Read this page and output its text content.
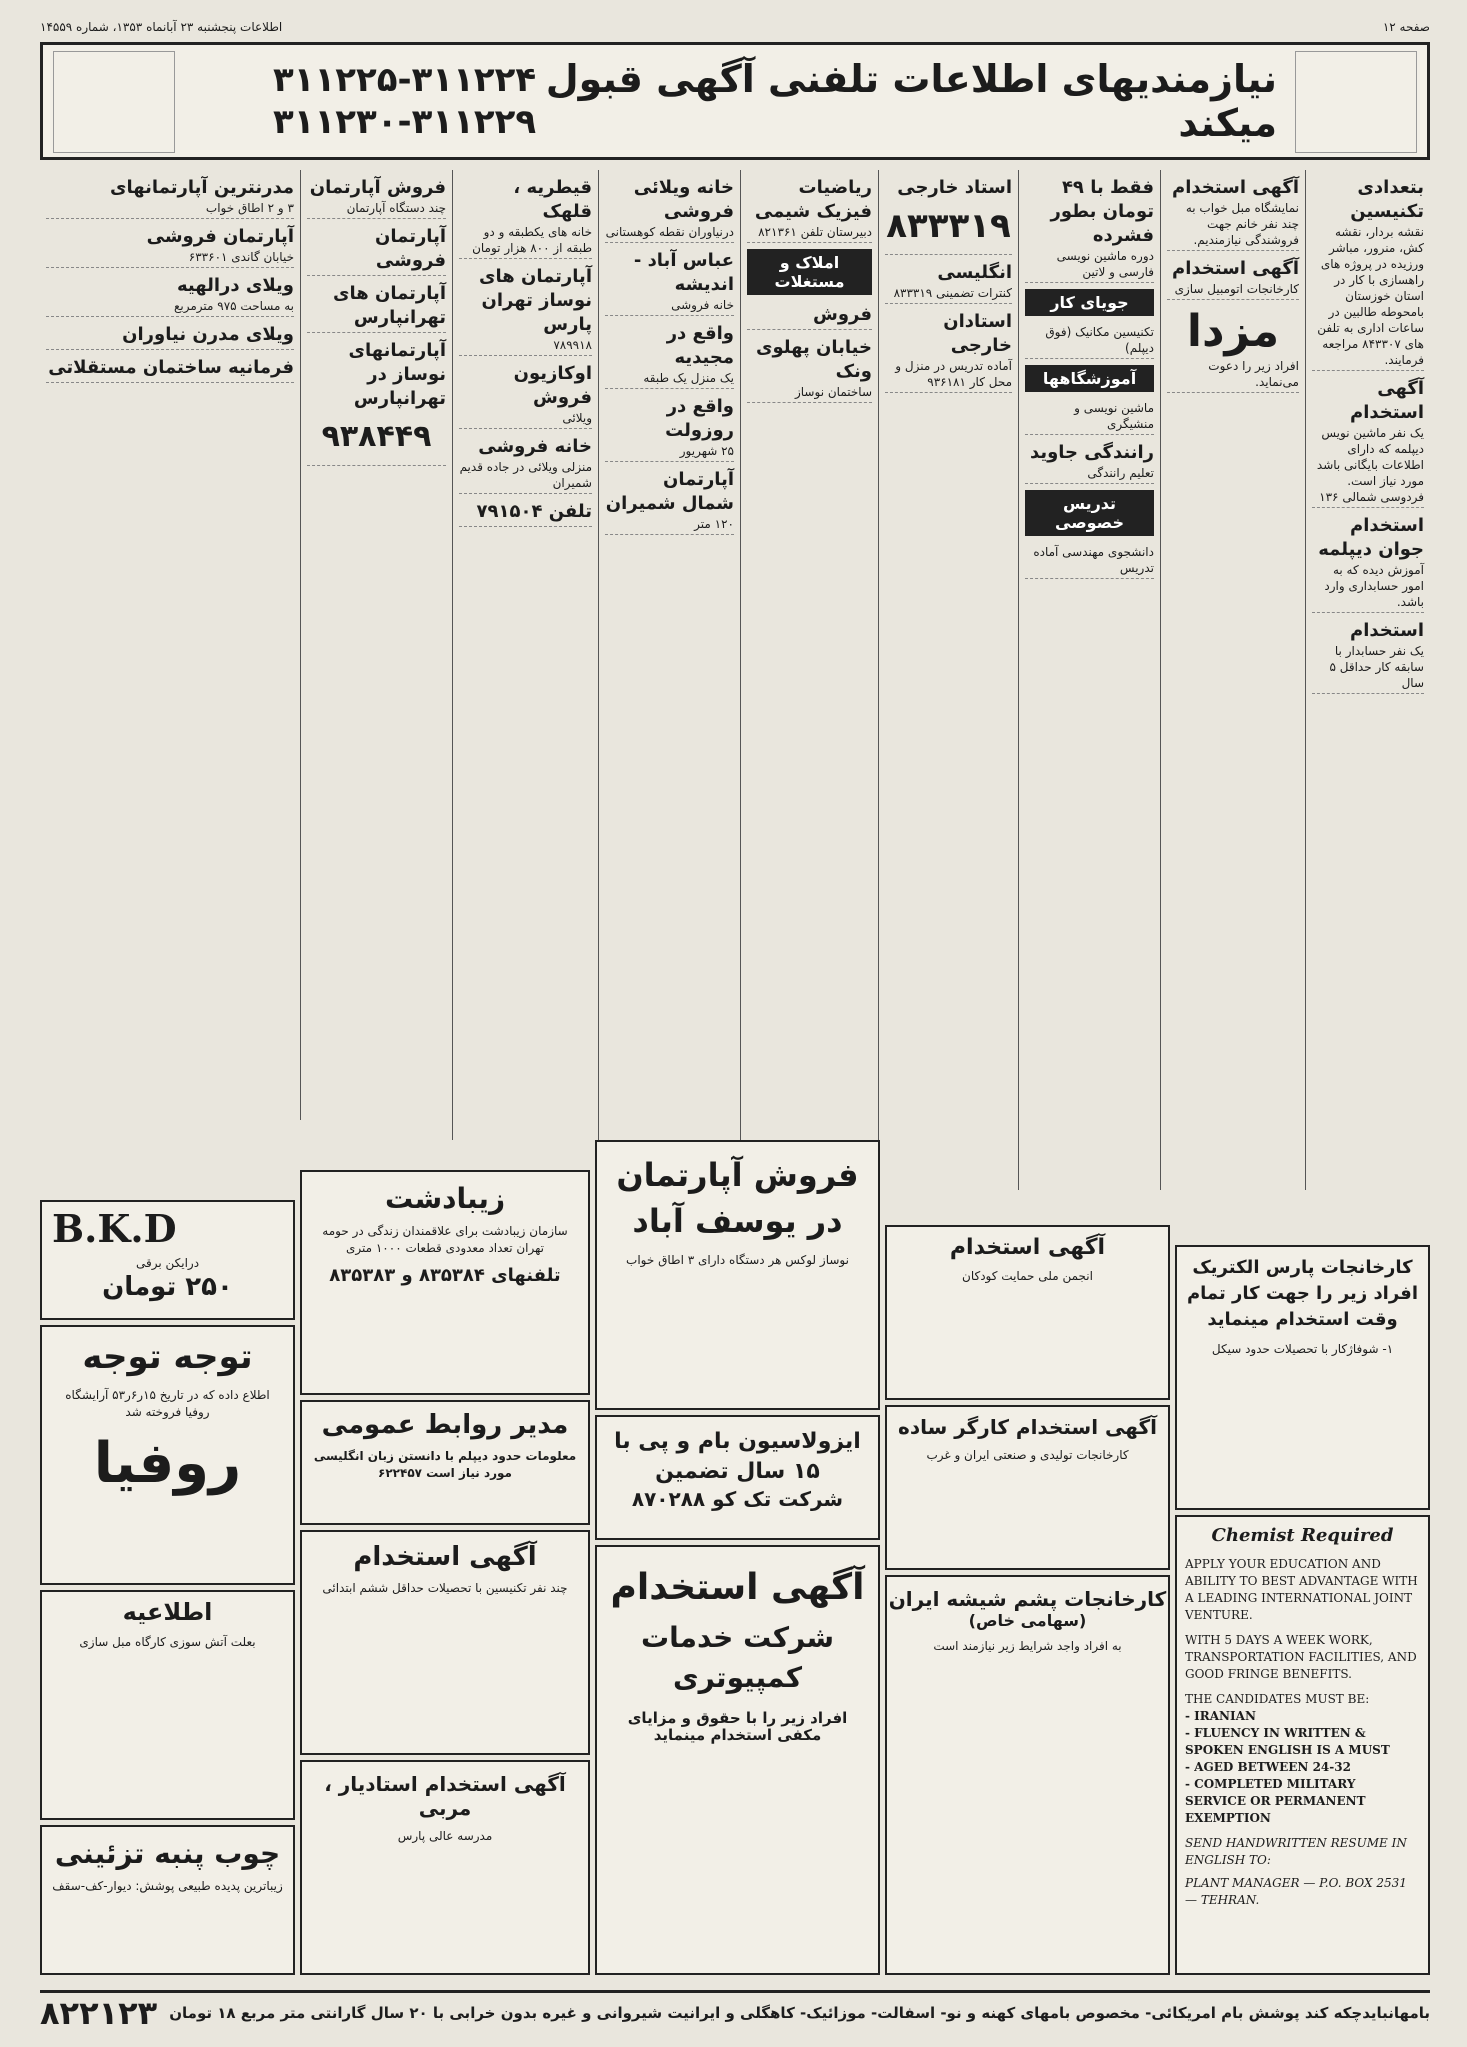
صفحه ۱۲
اطلاعات پنجشنبه ۲۳ آبانماه ۱۳۵۳، شماره ۱۴۵۵۹
۳۱۱۲۲۵-۳۱۱۲۲۴
۳۱۱۲۳۰-۳۱۱۲۲۹
نیازمندیهای اطلاعات تلفنی آگهی قبول میکند
بتعدادی تکنیسین
نقشه بردار، نقشه کش، منرور، مباشر ورزیده در پروژه های راهسازی با کار در استان خوزستان بامحوطه طالبین در ساعات اداری به تلفن های ۸۴۳۳۰۷ مراجعه فرمایند.
آگهی استخدام
یک نفر ماشین نویس دیپلمه که دارای اطلاعات بایگانی باشد مورد نیاز است. فردوسی شمالی ۱۳۶
استخدام جوان دیپلمه
آموزش دیده که به امور حسابداری وارد باشد.
استخدام
یک نفر حسابدار با سابقه کار حداقل ۵ سال
آگهی استخدام
نمایشگاه مبل خواب به چند نفر خانم جهت فروشندگی نیازمندیم.
آگهی استخدام
کارخانجات اتومبیل سازی
مزدا
افراد زیر را دعوت می‌نماید.
فقط با ۴۹ تومان بطور فشرده
دوره ماشین نویسی فارسی و لاتین
جویای کار
تکنیسین مکانیک (فوق دیپلم)
آموزشگاهها
ماشین نویسی و منشیگری
رانندگی جاوید
تعلیم رانندگی
تدریس خصوصی
دانشجوی مهندسی آماده تدریس
استاد خارجی
۸۳۳۳۱۹
انگلیسی
کنترات تضمینی ۸۳۳۳۱۹
استادان خارجی
آماده تدریس در منزل و محل کار ۹۳۶۱۸۱
ریاضیات فیزیک شیمی
دبیرستان تلفن ۸۲۱۳۶۱
املاک و مستغلات
فروش
خیابان پهلوی ونک
ساختمان نوساز
خانه ویلائی فروشی
درنیاوران نقطه کوهستانی
عباس آباد - اندیشه
خانه فروشی
واقع در مجیدیه
یک منزل یک طبقه
واقع در روزولت
۲۵ شهریور
آپارتمان شمال شمیران
۱۲۰ متر
قیطریه ، قلهک
خانه های یکطبقه و دو طبقه از ۸۰۰ هزار تومان
آپارتمان های نوساز تهران پارس
۷۸۹۹۱۸
اوکازیون فروش
ویلائی
خانه فروشی
منزلی ویلائی در جاده قدیم شمیران
تلفن ۷۹۱۵۰۴
فروش آپارتمان
چند دستگاه آپارتمان
آپارتمان فروشی
آپارتمان های تهرانپارس
آپارتمانهای نوساز در تهرانپارس
۹۳۸۴۴۹
مدرنترین آپارتمانهای
۳ و ۲ اطاق خواب
آپارتمان فروشی
خیابان گاندی ۶۳۳۶۰۱
ویلای درالهیه
به مساحت ۹۷۵ مترمربع
ویلای مدرن نیاوران
فرمانیه ساختمان مستقلاتی
B.K.D
درایکن برقی
۲۵۰ تومان
توجه توجه
اطلاع داده که در تاریخ ۱۵ر۶ر۵۳ آرایشگاه روفیا فروخته شد
روفیا
اطلاعیه
بعلت آتش سوزی کارگاه مبل سازی
چوب پنبه تزئینی
زیباترین پدیده طبیعی پوشش: دیوار-کف-سقف
زیبادشت
سازمان زیبادشت برای علاقمندان زندگی در حومه تهران تعداد معدودی قطعات ۱۰۰۰ متری
تلفنهای ۸۳۵۳۸۴ و ۸۳۵۳۸۳
مدیر روابط عمومی
معلومات حدود دیپلم با دانستن زبان انگلیسی مورد نیاز است ۶۲۲۴۵۷
آگهی استخدام
چند نفر تکنیسین با تحصیلات حداقل ششم ابتدائی
آگهی استخدام استادیار ، مربی
مدرسه عالی پارس
فروش آپارتمان در یوسف آباد
نوساز لوکس هر دستگاه دارای ۳ اطاق خواب
ایزولاسیون بام و پی با ۱۵ سال تضمین
شرکت تک کو ۸۷۰۲۸۸
آگهی استخدام
شرکت خدمات کمپیوتری
افراد زیر را با حقوق و مزایای مکفی استخدام مینماید
آگهی استخدام
انجمن ملی حمایت کودکان
آگهی استخدام کارگر ساده
کارخانجات تولیدی و صنعتی ایران و غرب
کارخانجات پشم شیشه ایران
(سهامی خاص)
به افراد واجد شرایط زیر نیازمند است
کارخانجات پارس الکتریک افراد زیر را جهت کار تمام وقت استخدام مینماید
۱- شوفاژکار با تحصیلات حدود سیکل
Chemist Required
APPLY YOUR EDUCATION AND ABILITY TO BEST ADVANTAGE WITH A LEADING INTERNATIONAL JOINT VENTURE.
WITH 5 DAYS A WEEK WORK, TRANSPORTATION FACILITIES, AND GOOD FRINGE BENEFITS.
THE CANDIDATES MUST BE:
- IRANIAN
- FLUENCY IN WRITTEN & SPOKEN ENGLISH IS A MUST
- AGED BETWEEN 24-32
- COMPLETED MILITARY SERVICE OR PERMANENT EXEMPTION
SEND HANDWRITTEN RESUME IN ENGLISH TO:
PLANT MANAGER — P.O. BOX 2531 — TEHRAN.
۸۲۲۱۲۳ بامهانبایدچکه کند پوشش بام امریکائی- مخصوص بامهای کهنه و نو- اسفالت- موزائیک- کاهگلی و ایرانیت شیروانی و غیره بدون خرابی با ۲۰ سال گارانتی متر مربع ۱۸ تومان
